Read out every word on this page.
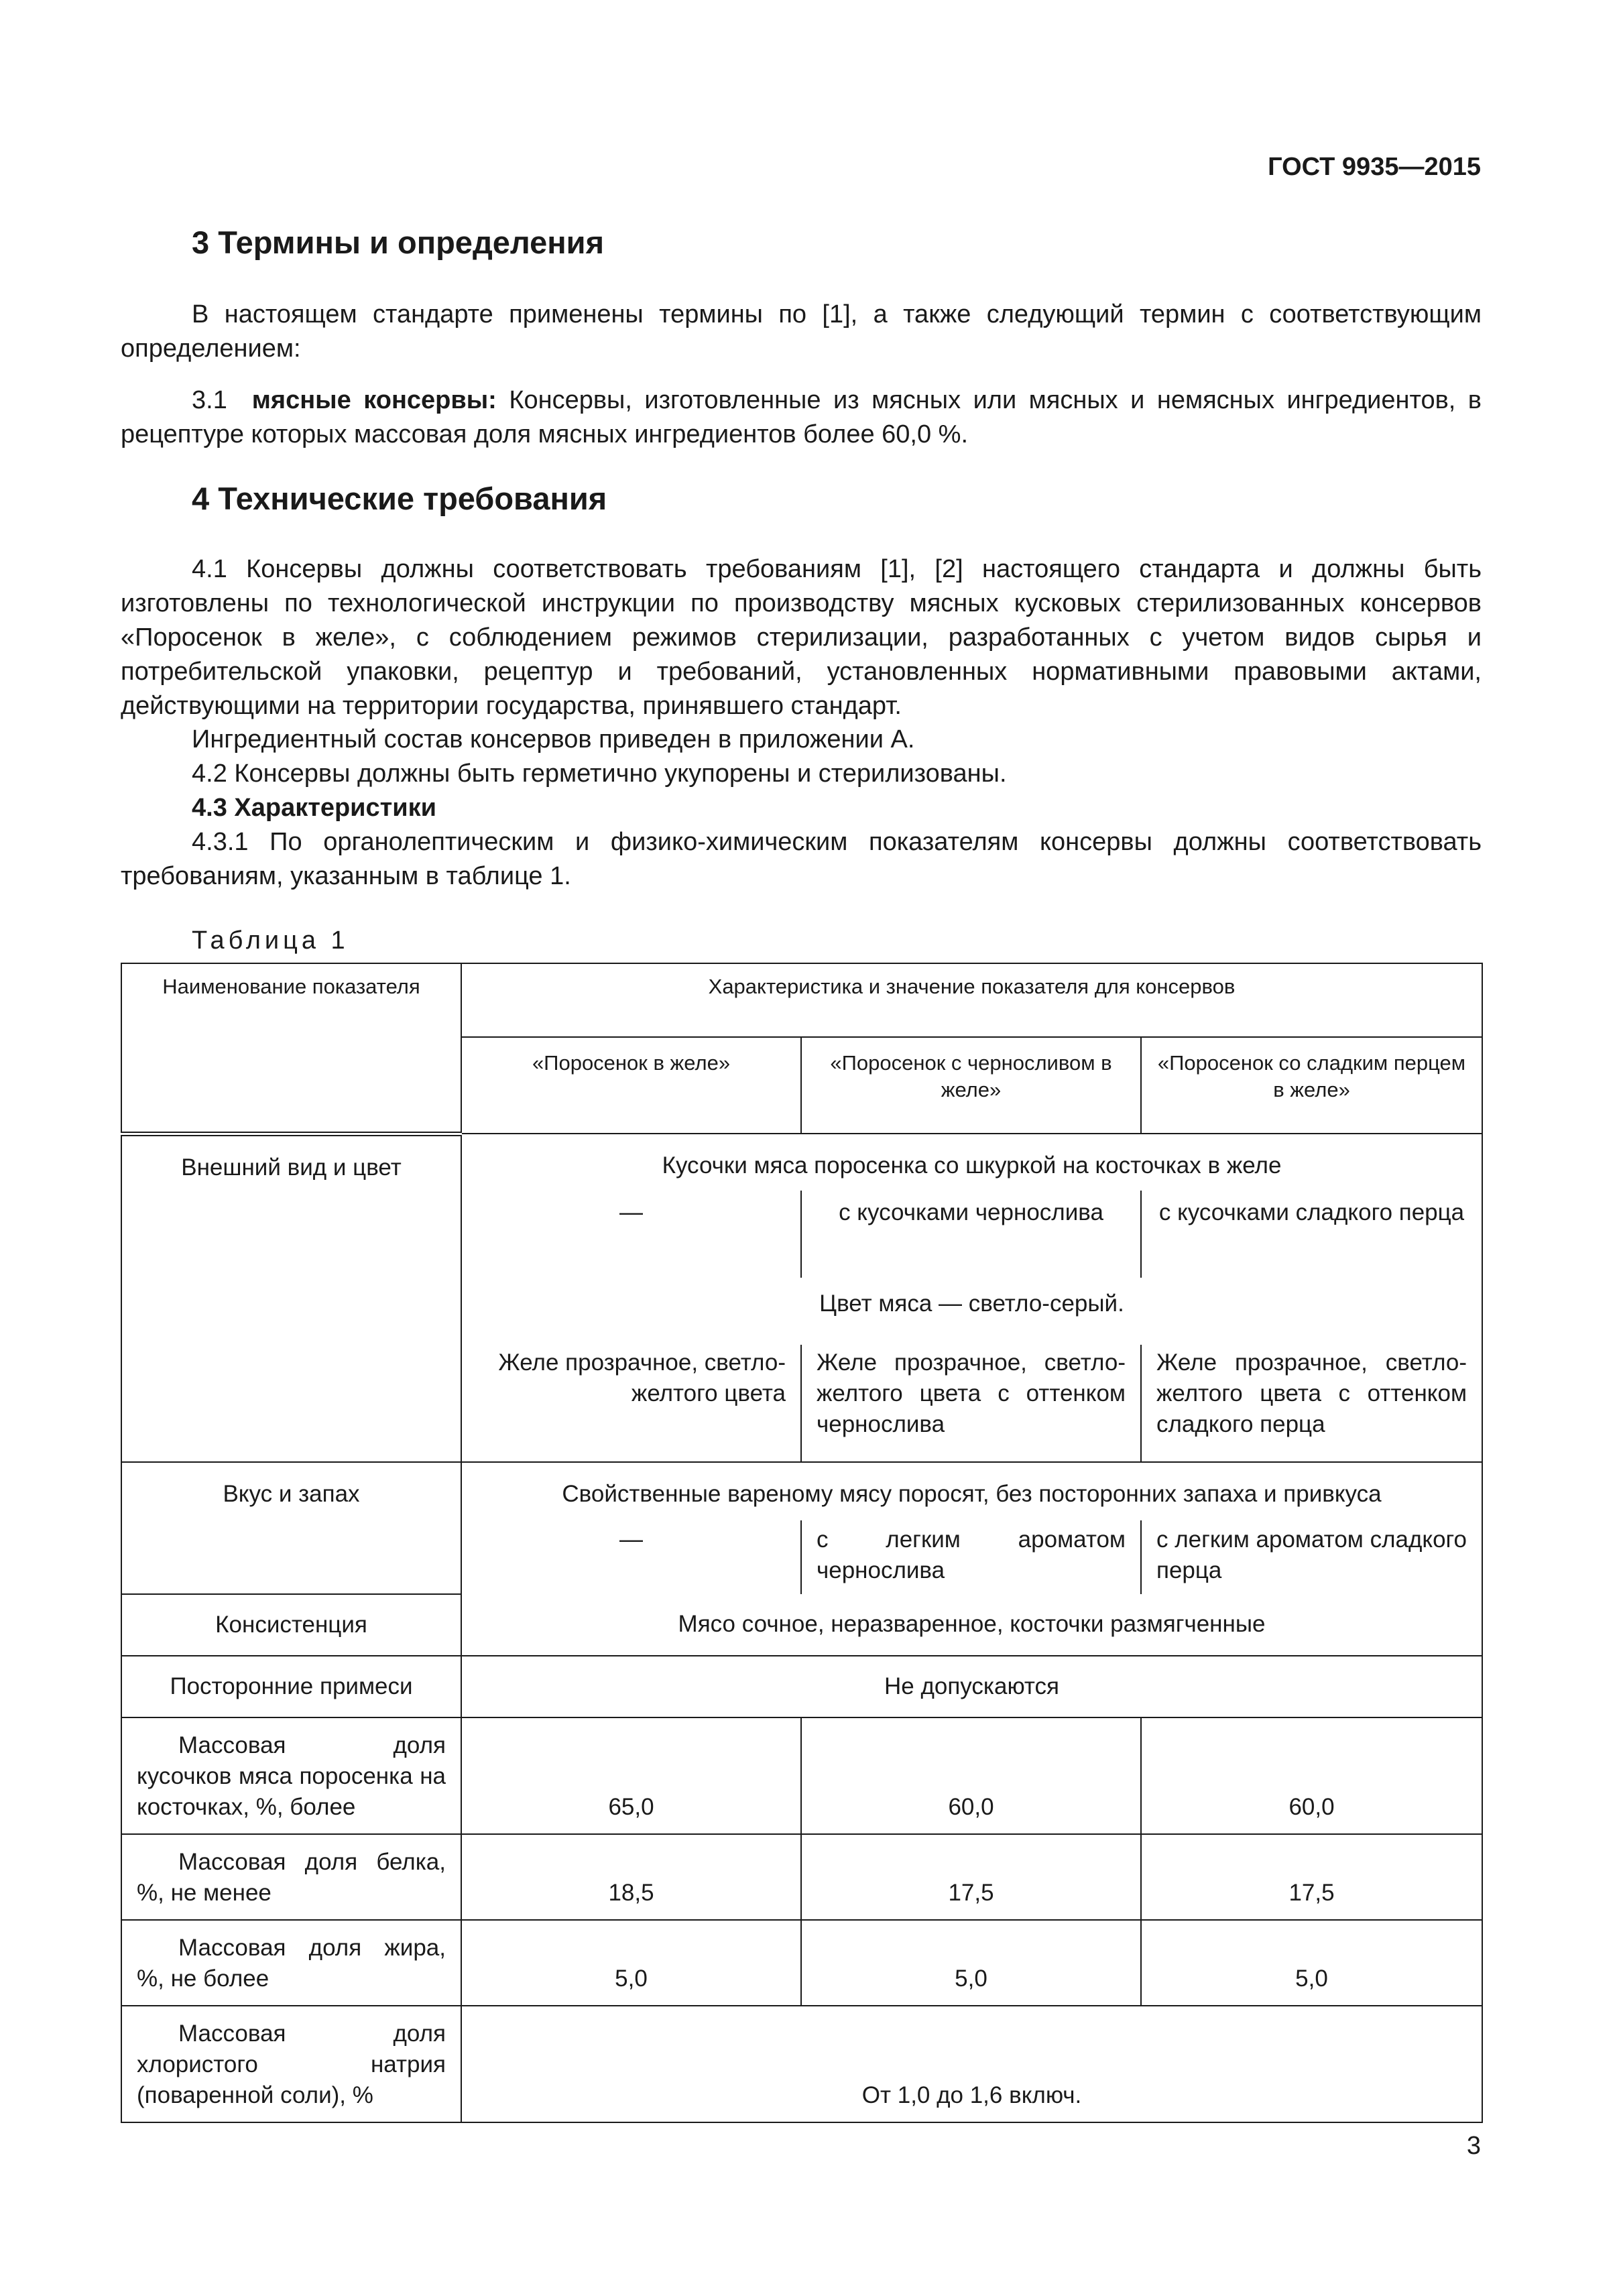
ГОСТ 9935—2015
3 Термины и определения

В настоящем стандарте применены термины по [1], а также следующий термин с соответствующим определением:

3.1 мясные консервы: Консервы, изготовленные из мясных или мясных и немясных ингредиентов, в рецептуре которых массовая доля мясных ингредиентов более 60,0 %.

4 Технические требования

4.1 Консервы должны соответствовать требованиям [1], [2] настоящего стандарта и должны быть изготовлены по технологической инструкции по производству мясных кусковых стерилизованных консервов «Поросенок в желе», с соблюдением режимов стерилизации, разработанных с учетом видов сырья и потребительской упаковки, рецептур и требований, установленных нормативными правовыми актами, действующими на территории государства, принявшего стандарт.

Ингредиентный состав консервов приведен в приложении А.

4.2 Консервы должны быть герметично укупорены и стерилизованы.

4.3 Характеристики

4.3.1 По органолептическим и физико-химическим показателям консервы должны соответствовать требованиям, указанным в таблице 1.

Таблица 1
Наименование показателя	Характеристика и значение показателя для консервов		
	«Поросенок в желе»	«Поросенок с черносливом в желе»	«Поросенок со сладким перцем в желе»
Внешний вид и цвет	Кусочки мяса поросенка со шкуркой на косточках в желе		
	—	с кусочками чернослива	с кусочками сладкого перца
	Цвет мяса — светло-серый.		
	Желе прозрачное, светло-желтого цвета	Желе прозрачное, светло-желтого цвета с оттенком чернослива	Желе прозрачное, светло-желтого цвета с оттенком сладкого перца
Вкус и запах	Свойственные вареному мясу поросят, без посторонних запаха и привкуса		
	—	с легким ароматом чернослива	с легким ароматом сладкого перца
Консистенция	Мясо сочное, неразваренное, косточки размягченные		
Посторонние примеси	Не допускаются		
Массовая доля кусочков мяса поросенка на косточках, %, более	65,0	60,0	60,0
Массовая доля белка, %, не менее	18,5	17,5	17,5
Массовая доля жира, %, не более	5,0	5,0	5,0
Массовая доля хлористого натрия (поваренной соли), %	От 1,0 до 1,6 включ.		
3
